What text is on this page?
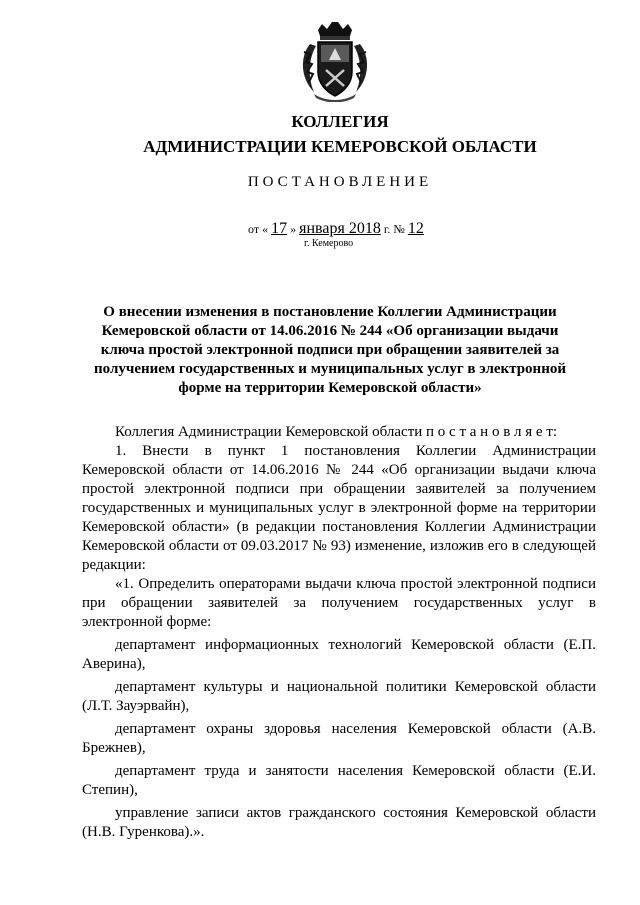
КОЛЛЕГИЯ
АДМИНИСТРАЦИИ КЕМЕРОВСКОЙ ОБЛАСТИ
ПОСТАНОВЛЕНИЕ
от « 17 » января 2018 г. № 12
г. Кемерово
О внесении изменения в постановление Коллегии Администрации Кемеровской области от 14.06.2016 № 244 «Об организации выдачи ключа простой электронной подписи при обращении заявителей за получением государственных и муниципальных услуг в электронной форме на территории Кемеровской области»

Коллегия Администрации Кемеровской области п о с т а н о в л я е т:

1. Внести в пункт 1 постановления Коллегии Администрации Кемеровской области от 14.06.2016 № 244 «Об организации выдачи ключа простой электронной подписи при обращении заявителей за получением государственных и муниципальных услуг в электронной форме на территории Кемеровской области» (в редакции постановления Коллегии Администрации Кемеровской области от 09.03.2017 № 93) изменение, изложив его в следующей редакции:

«1. Определить операторами выдачи ключа простой электронной подписи при обращении заявителей за получением государственных услуг в электронной форме:

департамент информационных технологий Кемеровской области (Е.П. Аверина),

департамент культуры и национальной политики Кемеровской области (Л.Т. Зауэрвайн),

департамент охраны здоровья населения Кемеровской области (А.В. Брежнев),

департамент труда и занятости населения Кемеровской области (Е.И. Степин),

управление записи актов гражданского состояния Кемеровской области (Н.В. Гуренкова).».
